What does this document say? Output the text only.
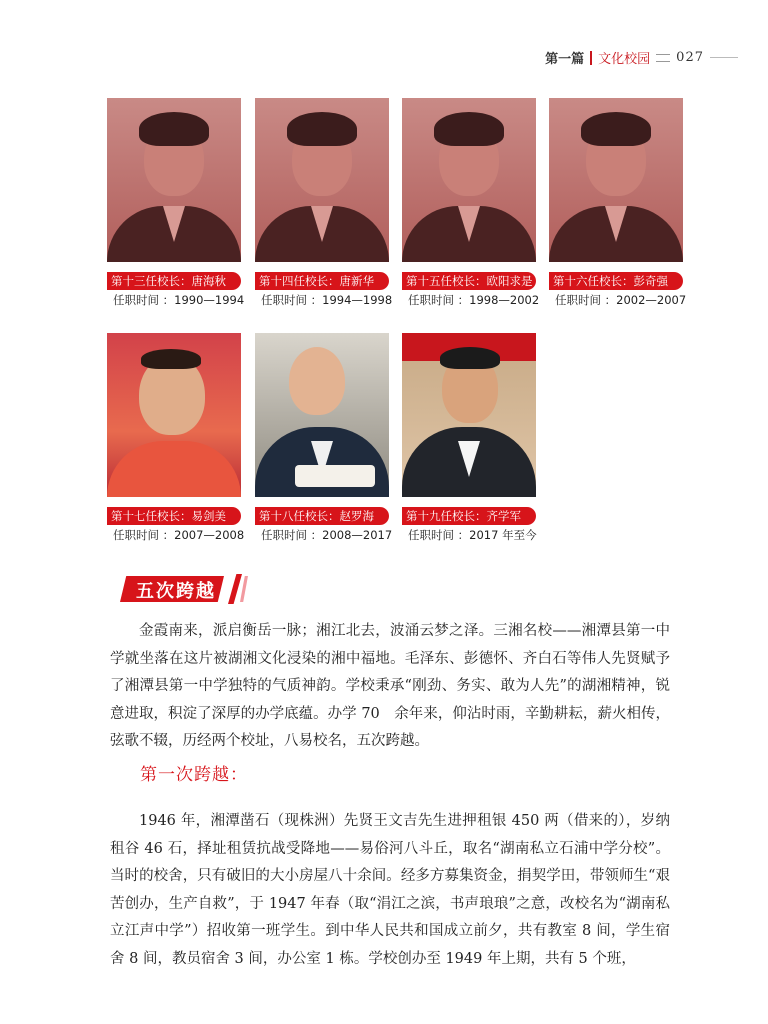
第一篇 文化校园 027
第十三任校长：唐海秋
任职时间 ：1990—1994
第十四任校长：唐新华
任职时间 ：1994—1998
第十五任校长：欧阳求是
任职时间 ：1998—2002
第十六任校长：彭奇强
任职时间 ：2002—2007
第十七任校长：易剑美
任职时间 ：2007—2008
第十八任校长：赵罗海
任职时间 ：2008—2017
第十九任校长：齐学军
任职时间 ：2017 年至今
五次跨越

金霞南来，派启衡岳一脉；湘江北去，波涌云梦之泽。三湘名校——湘潭县第一中学就坐落在这片被湖湘文化浸染的湘中福地。毛泽东、彭德怀、齐白石等伟人先贤赋予了湘潭县第一中学独特的气质神韵。学校秉承“刚劲、务实、敢为人先”的湖湘精神，锐意进取，积淀了深厚的办学底蕴。办学 70　余年来，仰沾时雨，辛勤耕耘，薪火相传，弦歌不辍，历经两个校址，八易校名，五次跨越。

第一次跨越：

1946 年，湘潭凿石（现株洲）先贤王文吉先生进押租银 450 两（借来的），岁纳租谷 46 石，择址租赁抗战受降地——易俗河八斗丘，取名“湖南私立石浦中学分校”。当时的校舍，只有破旧的大小房屋八十余间。经多方募集资金，捐契学田，带领师生“艰苦创办，生产自救”，于 1947 年春（取“涓江之滨，书声琅琅”之意，改校名为“湖南私立江声中学”）招收第一班学生。到中华人民共和国成立前夕，共有教室 8 间，学生宿舍 8 间，教员宿舍 3 间，办公室 1 栋。学校创办至 1949 年上期，共有 5 个班，
